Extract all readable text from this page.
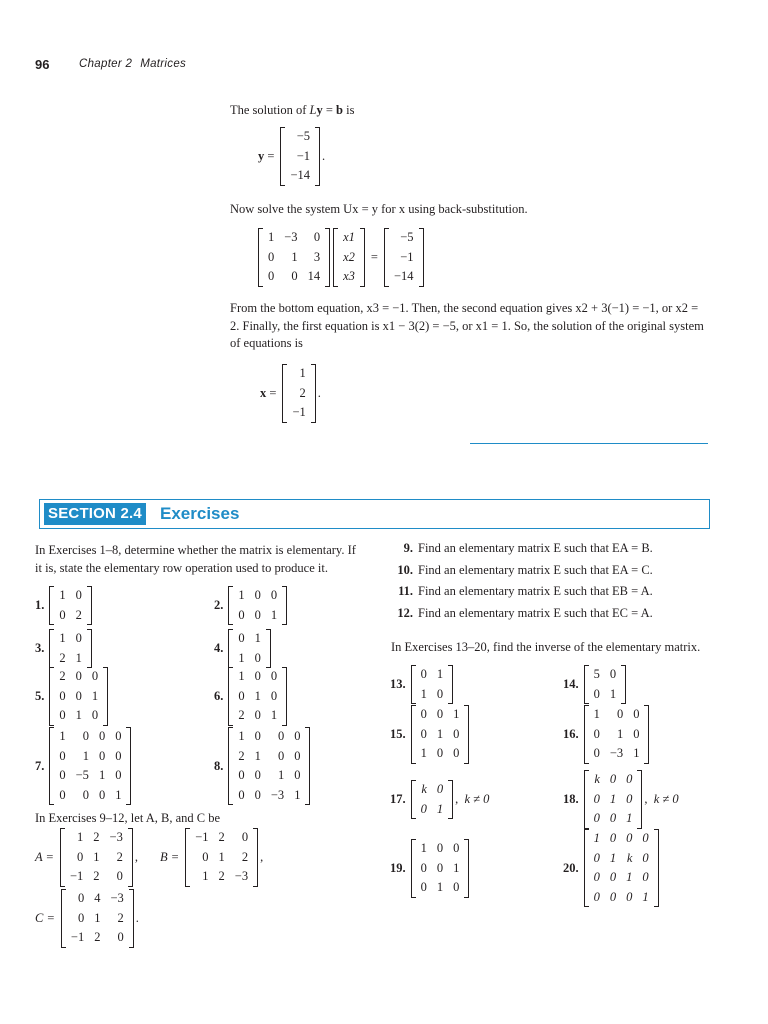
96	Chapter 2 Matrices

The solution of Ly = b is

y =
−5
−1
−14
.

Now solve the system Ux = y for x using back-substitution.

1	−3	0
0	1	3
0	0	14
x1
x2
x3
=
−5
−1
−14

From the bottom equation, x3 = −1. Then, the second equation gives x2 + 3(−1) = −1, or x2 = 2. Finally, the first equation is x1 − 3(2) = −5, or x1 = 1. So, the solution of the original system of equations is

x =
1
2
−1
.
SECTION 2.4 Exercises

In Exercises 1–8, determine whether the matrix is elementary. If it is, state the elementary row operation used to produce it.

1.
1	0
0	2
2.
1	0	0
0	0	1
3.
1	0
2	1
4.
0	1
1	0
5.
2	0	0
0	0	1
0	1	0
6.
1	0	0
0	1	0
2	0	1
7.
1	0	0	0
0	1	0	0
0	−5	1	0
0	0	0	1
8.
1	0	0	0
2	1	0	0
0	0	1	0
0	0	−3	1

In Exercises 9–12, let A, B, and C be

A =
1	2	−3
0	1	2
−1	2	0
, B =
−1	2	0
0	1	2
1	2	−3
,
C =
0	4	−3
0	1	2
−1	2	0
.
9. Find an elementary matrix E such that EA = B.
10. Find an elementary matrix E such that EA = C.
11. Find an elementary matrix E such that EB = A.
12. Find an elementary matrix E such that EC = A.

In Exercises 13–20, find the inverse of the elementary matrix.

13.
0	1
1	0
14.
5	0
0	1
15.
0	0	1
0	1	0
1	0	0
16.
1	0	0
0	1	0
0	−3	1
17.
k	0
0	1
, k ≠ 0	18.
k	0	0
0	1	0
0	0	1
, k ≠ 0
19.
1	0	0
0	0	1
0	1	0
20.
1	0	0	0
0	1	k	0
0	0	1	0
0	0	0	1
